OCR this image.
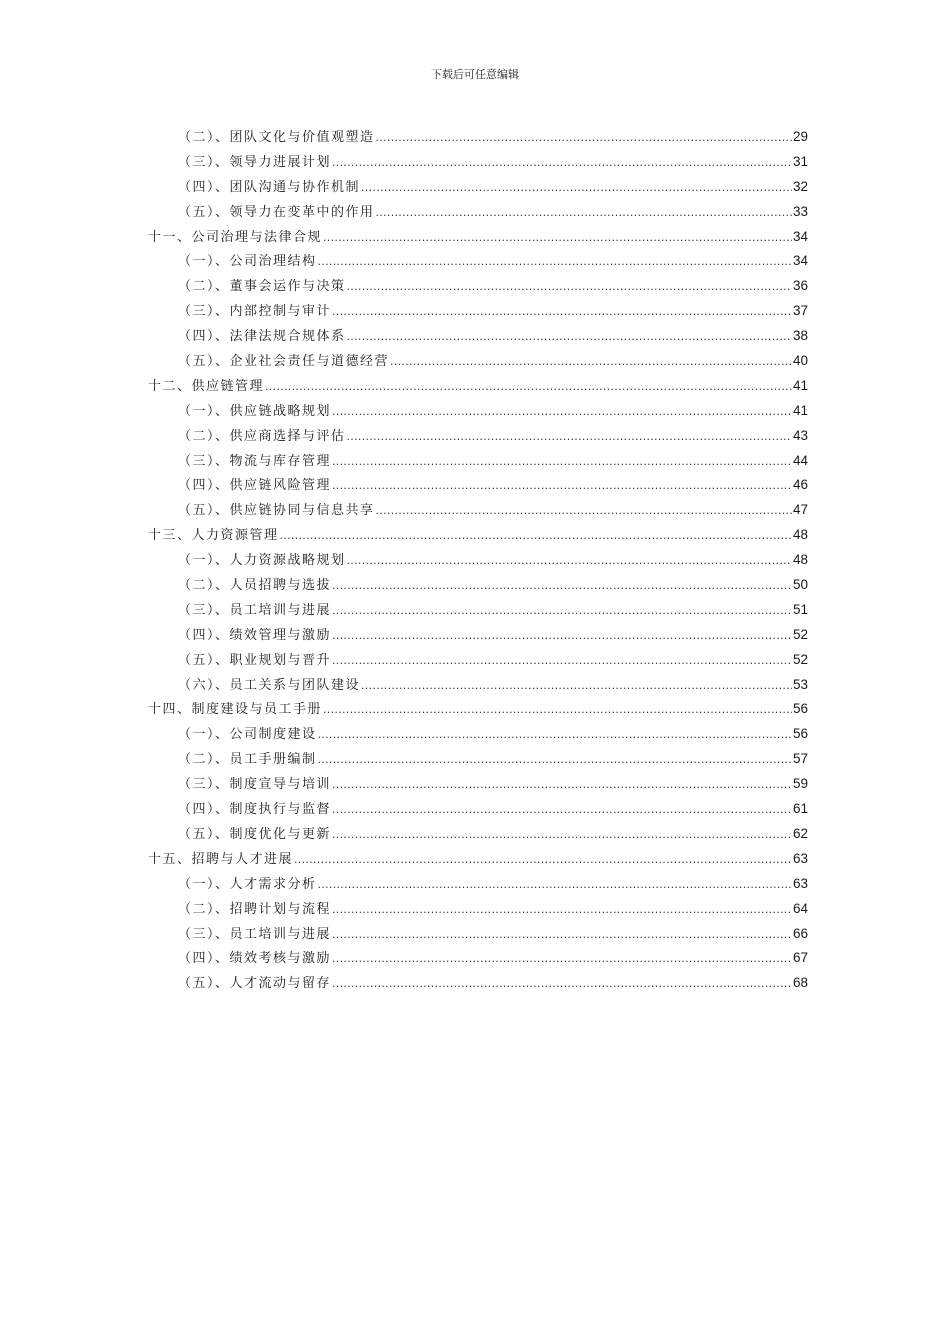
下载后可任意编辑
（二）、团队文化与价值观塑造 .....	29
（三）、领导力进展计划 .....	31
（四）、团队沟通与协作机制 .....	32
（五）、领导力在变革中的作用 .....	33
十一、公司治理与法律合规 .....	34
（一）、公司治理结构 .....	34
（二）、董事会运作与决策 .....	36
（三）、内部控制与审计 .....	37
（四）、法律法规合规体系 .....	38
（五）、企业社会责任与道德经营 .....	40
十二、供应链管理 .....	41
（一）、供应链战略规划 .....	41
（二）、供应商选择与评估 .....	43
（三）、物流与库存管理 .....	44
（四）、供应链风险管理 .....	46
（五）、供应链协同与信息共享 .....	47
十三、人力资源管理 .....	48
（一）、人力资源战略规划 .....	48
（二）、人员招聘与选拔 .....	50
（三）、员工培训与进展 .....	51
（四）、绩效管理与激励 .....	52
（五）、职业规划与晋升 .....	52
（六）、员工关系与团队建设 .....	53
十四、制度建设与员工手册 .....	56
（一）、公司制度建设 .....	56
（二）、员工手册编制 .....	57
（三）、制度宣导与培训 .....	59
（四）、制度执行与监督 .....	61
（五）、制度优化与更新 .....	62
十五、招聘与人才进展 .....	63
（一）、人才需求分析 .....	63
（二）、招聘计划与流程 .....	64
（三）、员工培训与进展 .....	66
（四）、绩效考核与激励 .....	67
（五）、人才流动与留存 .....	68
